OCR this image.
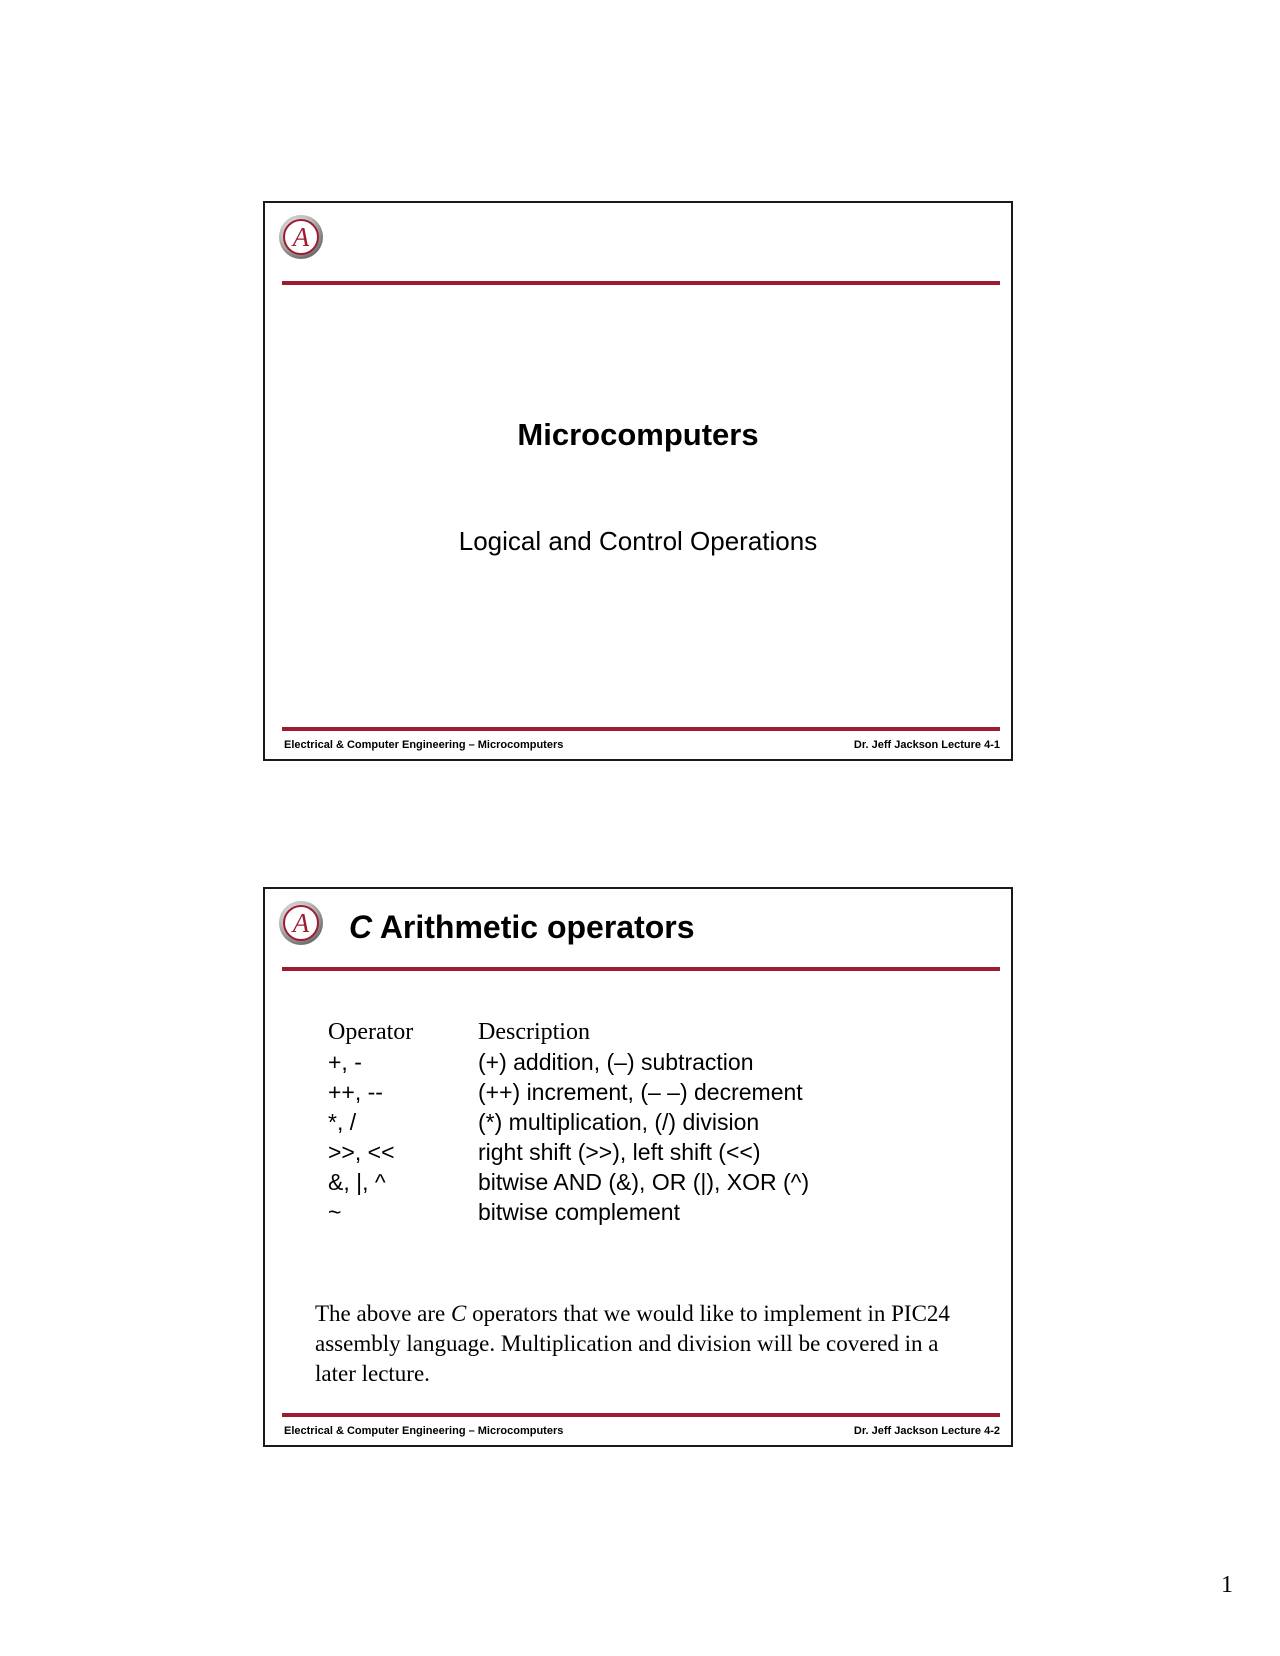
A
Microcomputers
Logical and Control Operations
Electrical & Computer Engineering – Microcomputers	Dr. Jeff Jackson Lecture 4-1
A C Arithmetic operators
Operator	Description
+, -	(+) addition, (–) subtraction
++, --	(++) increment, (– –) decrement
*, /	(*) multiplication, (/) division
>>, <<	right shift (>>), left shift (<<)
&, |, ^	bitwise AND (&), OR (|), XOR (^)
~	bitwise complement
The above are C operators that we would like to implement in PIC24 assembly language. Multiplication and division will be covered in a later lecture.
Electrical & Computer Engineering – Microcomputers	Dr. Jeff Jackson Lecture 4-2
1
